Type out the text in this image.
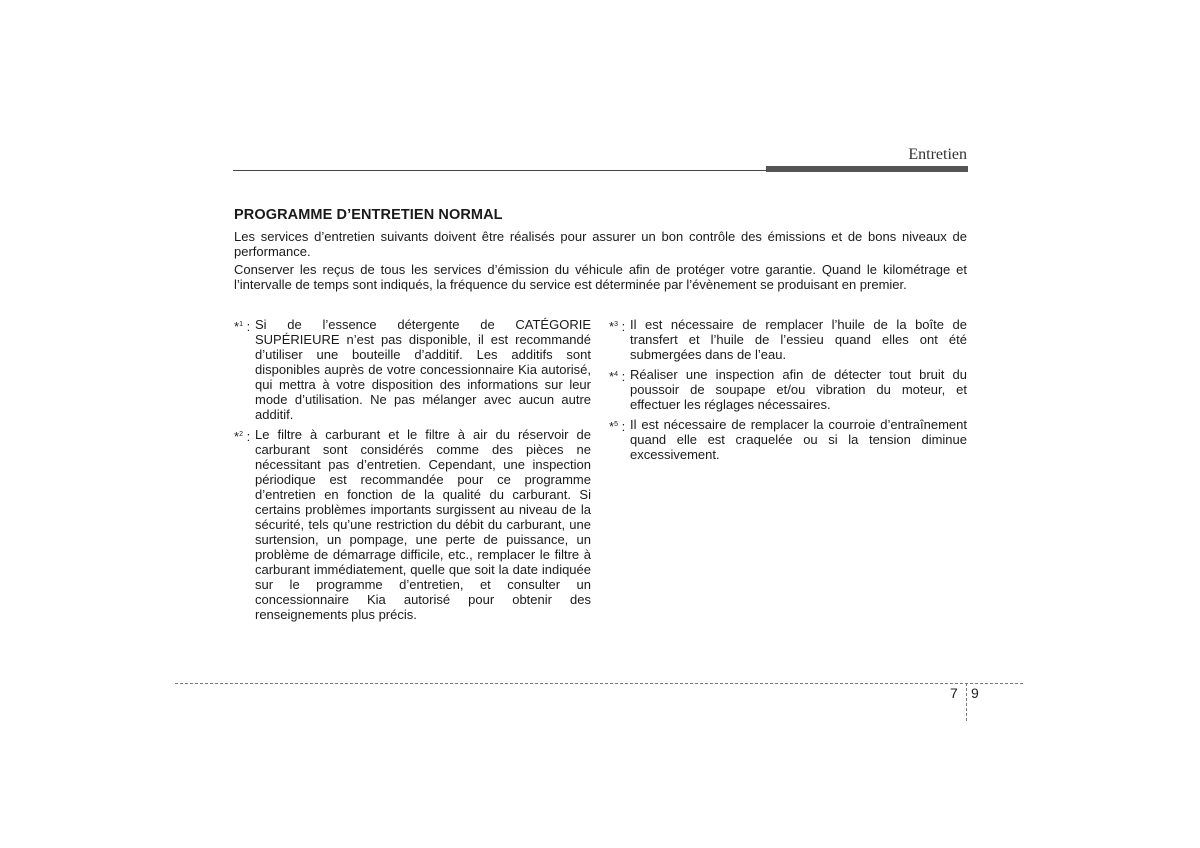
Entretien
PROGRAMME D’ENTRETIEN NORMAL

Les services d’entretien suivants doivent être réalisés pour assurer un bon contrôle des émissions et de bons niveaux de performance.

Conserver les reçus de tous les services d’émission du véhicule afin de protéger votre garantie. Quand le kilométrage et l’intervalle de temps sont indiqués, la fréquence du service est déterminée par l’évènement se produisant en premier.

*$^1$ : Si de l’essence détergente de CATÉGORIE SUPÉRIEURE n’est pas disponible, il est recommandé d’utiliser une bouteille d’additif. Les additifs sont disponibles auprès de votre concessionnaire Kia autorisé, qui mettra à votre disposition des informations sur leur mode d’utilisation. Ne pas mélanger avec aucun autre additif.
*$^2$ : Le filtre à carburant et le filtre à air du réservoir de carburant sont considérés comme des pièces ne nécessitant pas d’entretien. Cependant, une inspection périodique est recommandée pour ce programme d’entretien en fonction de la qualité du carburant. Si certains problèmes importants surgissent au niveau de la sécurité, tels qu’une restriction du débit du carburant, une surtension, un pompage, une perte de puissance, un problème de démarrage difficile, etc., remplacer le filtre à carburant immédiatement, quelle que soit la date indiquée sur le programme d’entretien, et consulter un concessionnaire Kia autorisé pour obtenir des renseignements plus précis.
*$^3$ : Il est nécessaire de remplacer l’huile de la boîte de transfert et l’huile de l’essieu quand elles ont été submergées dans de l’eau.
*$^4$ : Réaliser une inspection afin de détecter tout bruit du poussoir de soupape et/ou vibration du moteur, et effectuer les réglages nécessaires.
*$^5$ : Il est nécessaire de remplacer la courroie d’entraînement quand elle est craquelée ou si la tension diminue excessivement.
7 9
